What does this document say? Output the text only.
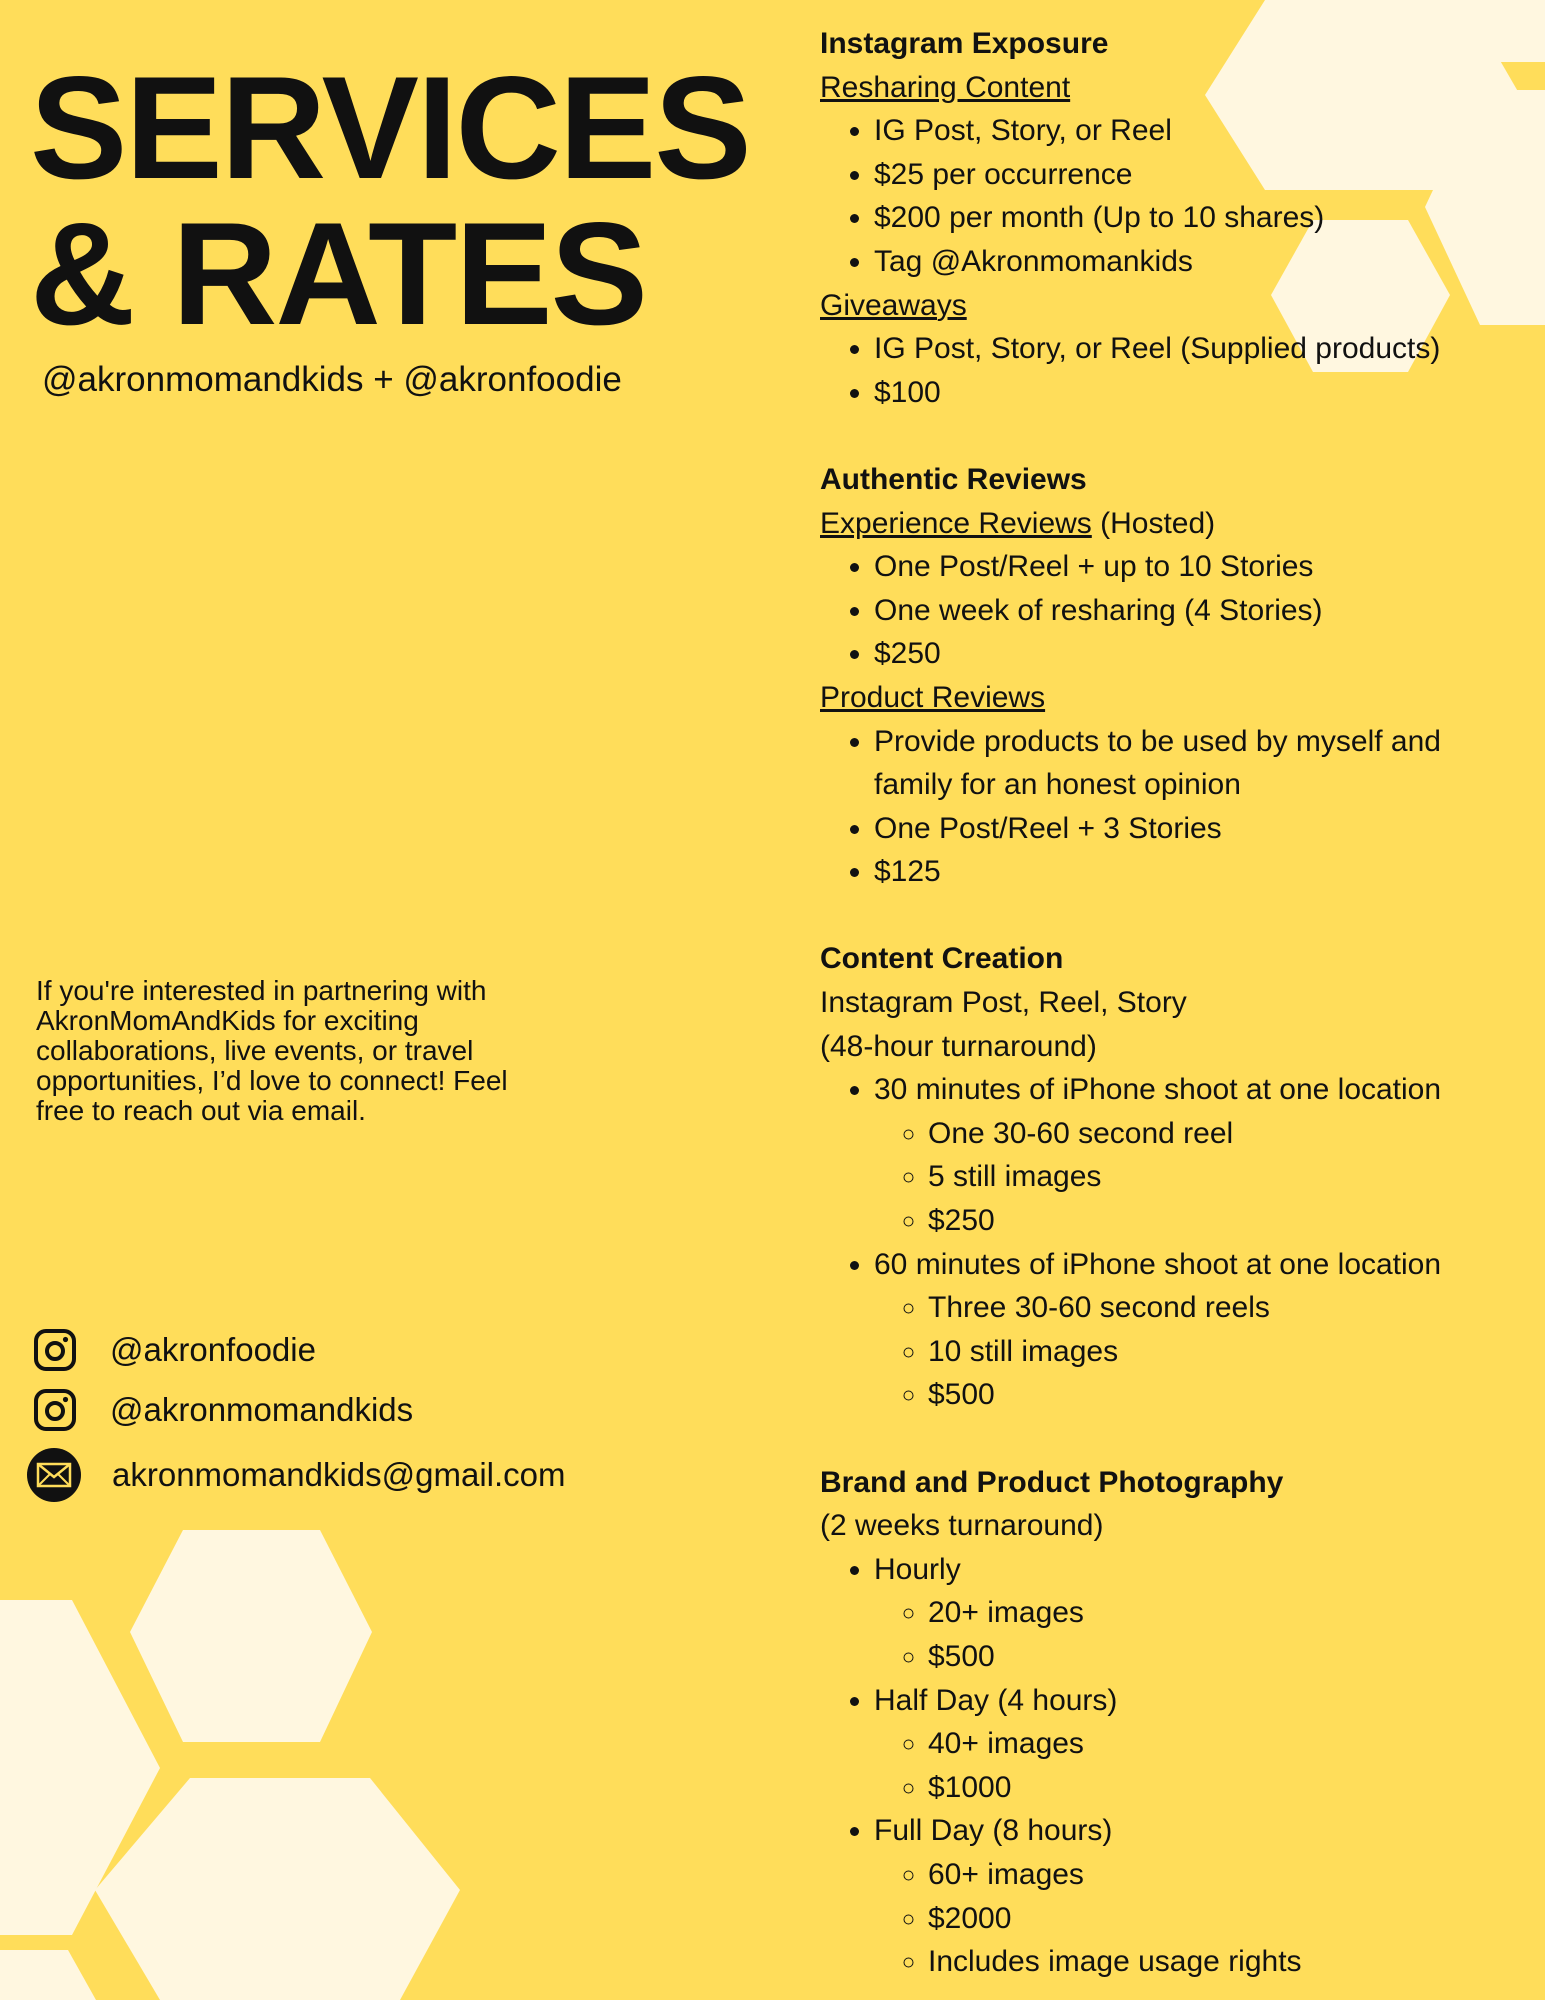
SERVICES
& RATES
@akronmomandkids + @akronfoodie
If you're interested in partnering with AkronMomAndKids for exciting collaborations, live events, or travel opportunities, I’d love to connect! Feel free to reach out via email.
@akronfoodie
@akronmomandkids
akronmomandkids@gmail.com

Instagram Exposure

Resharing Content

• IG Post, Story, or Reel
• $25 per occurrence
• $200 per month (Up to 10 shares)
• Tag @Akronmomankids

Giveaways

• IG Post, Story, or Reel (Supplied products)
• $100

Authentic Reviews

Experience Reviews (Hosted)

• One Post/Reel + up to 10 Stories
• One week of resharing (4 Stories)
• $250

Product Reviews

• Provide products to be used by myself and family for an honest opinion
• One Post/Reel + 3 Stories
• $125

Content Creation

Instagram Post, Reel, Story

(48-hour turnaround)

• 30 minutes of iPhone shoot at one location
◦ One 30-60 second reel
◦ 5 still images
◦ $250
• 60 minutes of iPhone shoot at one location
◦ Three 30-60 second reels
◦ 10 still images
◦ $500

Brand and Product Photography

(2 weeks turnaround)

• Hourly
◦ 20+ images
◦ $500
• Half Day (4 hours)
◦ 40+ images
◦ $1000
• Full Day (8 hours)
◦ 60+ images
◦ $2000
◦ Includes image usage rights
